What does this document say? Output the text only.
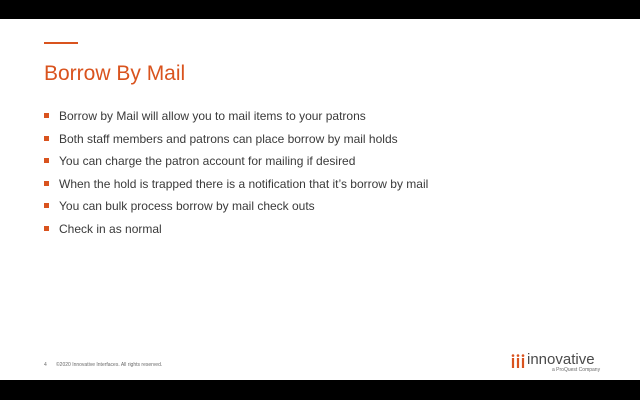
Borrow By Mail
Borrow by Mail will allow you to mail items to your patrons
Both staff members and patrons can place borrow by mail holds
You can charge the patron account for mailing if desired
When the hold is trapped there is a notification that it’s borrow by mail
You can bulk process borrow by mail check outs
Check in as normal
4 ©2020 Innovative Interfaces. All rights reserved.	innovative
a ProQuest Company
